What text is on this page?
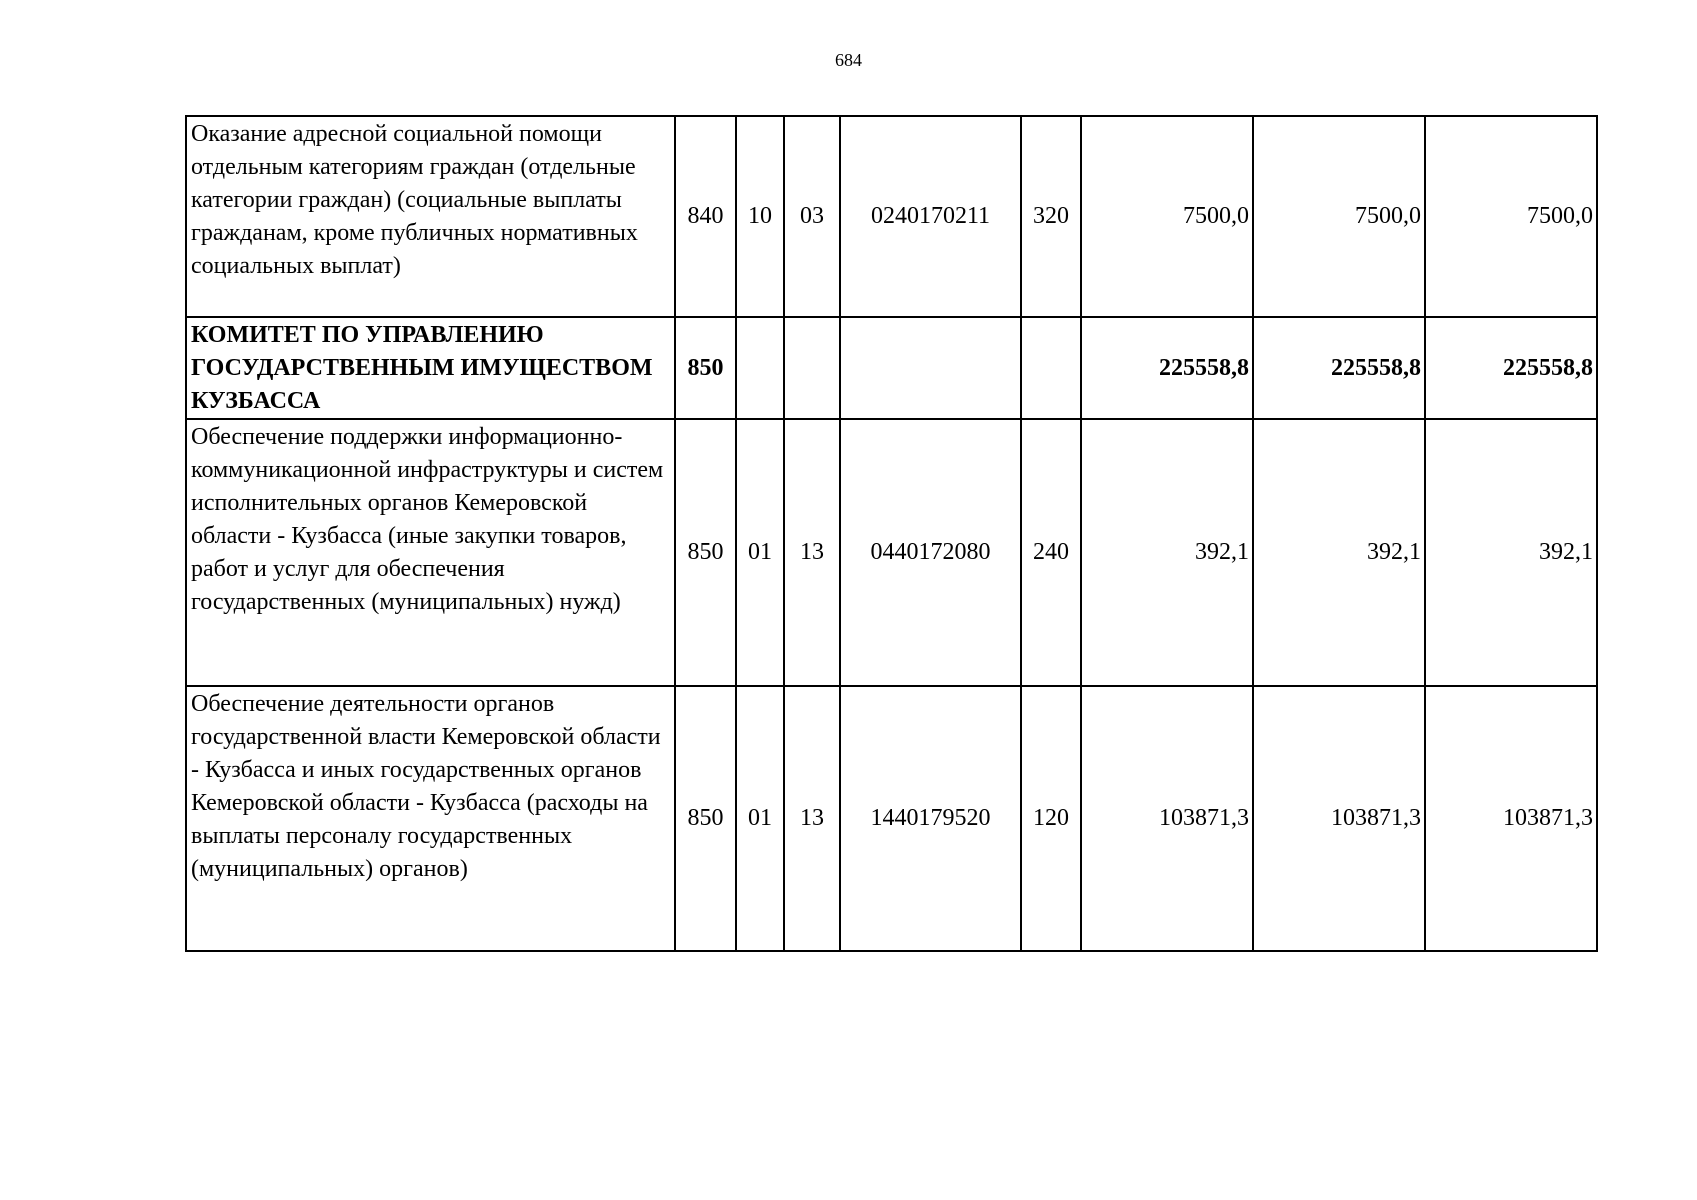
684
Оказание адресной социальной помощи отдельным категориям граждан (отдельные категории граждан) (социальные выплаты гражданам, кроме публичных нормативных социальных выплат)	840	10	03	0240170211	320	7500,0	7500,0	7500,0
КОМИТЕТ ПО УПРАВЛЕНИЮ ГОСУДАРСТВЕННЫМ ИМУЩЕСТВОМ КУЗБАССА	850					225558,8	225558,8	225558,8
Обеспечение поддержки информационно-коммуникационной инфраструктуры и систем исполнительных органов Кемеровской области - Кузбасса (иные закупки товаров, работ и услуг для обеспечения государственных (муниципальных) нужд)	850	01	13	0440172080	240	392,1	392,1	392,1
Обеспечение деятельности органов государственной власти Кемеровской области - Кузбасса и иных государственных органов Кемеровской области - Кузбасса (расходы на выплаты персоналу государственных (муниципальных) органов)	850	01	13	1440179520	120	103871,3	103871,3	103871,3
